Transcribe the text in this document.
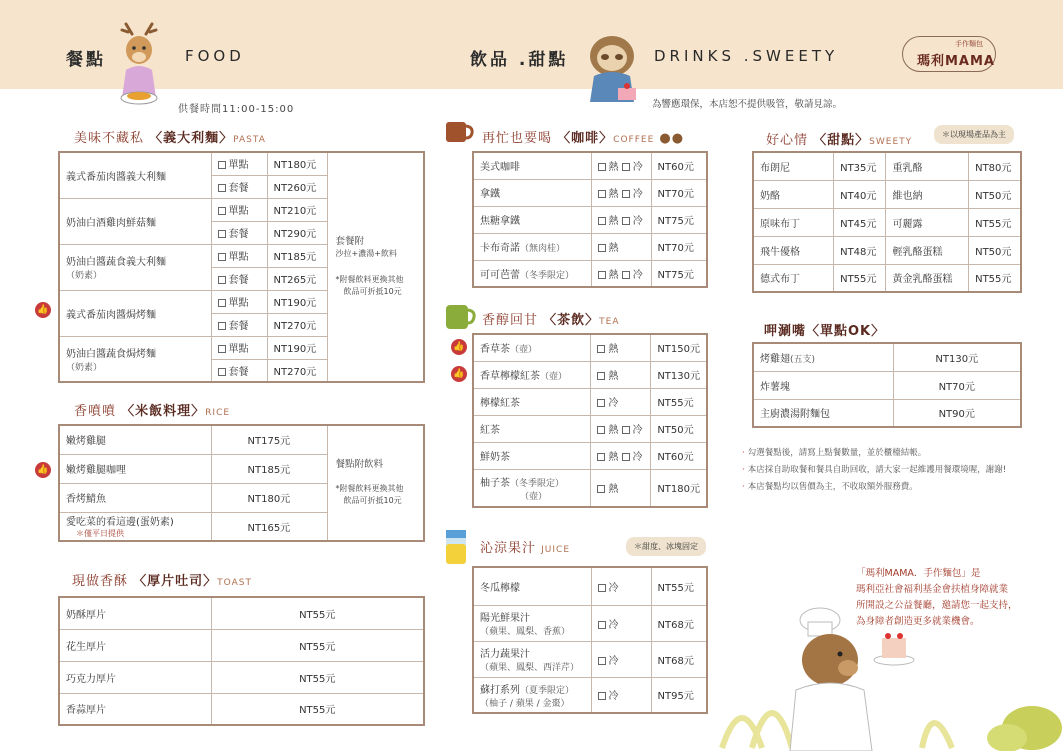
餐點	FOOD
供餐時間11:00-15:00
飲品 .甜點	DRINKS .SWEETY
為響應環保，本店恕不提供吸管，敬請見諒。
手作麵包
瑪利MAMA
美味不藏私 〈義大利麵〉PASTA
義式番茄肉醬義大利麵	單點	NT180元	套餐附
沙拉+濃湯+飲料
*附餐飲料更換其他
飲品可折抵10元

	套餐	NT260元	

奶油白酒雞肉鮮菇麵	單點	NT210元	
	套餐	NT290元	

奶油白醬蔬食義大利麵
（奶素）	單點	NT185元	
	套餐	NT265元	

義式番茄肉醬焗烤麵	單點	NT190元	
	套餐	NT270元	

奶油白醬蔬食焗烤麵
（奶素）	單點	NT190元	
	套餐	NT270元	
香噴噴 〈米飯料理〉RICE
嫩烤雞腿	NT175元	餐點附飲料
*附餐飲料更換其他
飲品可折抵10元

嫩烤雞腿咖哩	NT185元	

香烤鯖魚	NT180元	

愛吃菜的看這邊(蛋奶素)
＊僅平日提供	NT165元	
現做香酥 〈厚片吐司〉TOAST
奶酥厚片	NT55元
花生厚片	NT55元
巧克力厚片	NT55元
香蒜厚片	NT55元
再忙也要喝 〈咖啡〉COFFEE ●●
美式咖啡	熱 冷	NT60元
拿鐵	熱 冷	NT70元
焦糖拿鐵	熱 冷	NT75元
卡布奇諾（無肉桂）	熱	NT70元
可可芭蕾（冬季限定）	熱 冷	NT75元
香醇回甘 〈茶飲〉TEA
香草茶（壺）	熱	NT150元
香草檸檬紅茶（壺）	熱	NT130元
檸檬紅茶	冷	NT55元
紅茶	熱 冷	NT50元
鮮奶茶	熱 冷	NT60元
柚子茶（冬季限定）
（壺）	熱	NT180元
沁涼果汁 JUICE	＊甜度、冰塊固定
冬瓜檸檬	冷	NT55元

陽光鮮果汁
（蘋果、鳳梨、香蕉）	冷	NT68元

活力蔬果汁
（蘋果、鳳梨、西洋芹）	冷	NT68元

蘇打系列（夏季限定）
（柚子 / 蘋果 / 金棗）	冷	NT95元
好心情 〈甜點〉SWEETY
＊以現場產品為主
布朗尼	NT35元	重乳酪	NT80元
奶酪	NT40元	維也納	NT50元
原味布丁	NT45元	可麗露	NT55元
飛牛優格	NT48元	輕乳酪蛋糕	NT50元
德式布丁	NT55元	黃金乳酪蛋糕	NT55元
呷涮嘴〈單點OK〉
烤雞翅(五支)	NT130元
炸薯塊	NT70元
主廚濃湯附麵包	NT90元
· 勾選餐點後，請寫上點餐數量，並於櫃檯結帳。
· 本店採自助取餐和餐具自助回收，請大家一起維護用餐環境喔，謝謝!
· 本店餐點均以售價為主，不收取額外服務費。
「瑪利MAMA．手作麵包」是
瑪利亞社會福利基金會扶植身障就業
所開設之公益餐廳，邀請您一起支持，
為身障者創造更多就業機會。
👍
👍
👍
👍
